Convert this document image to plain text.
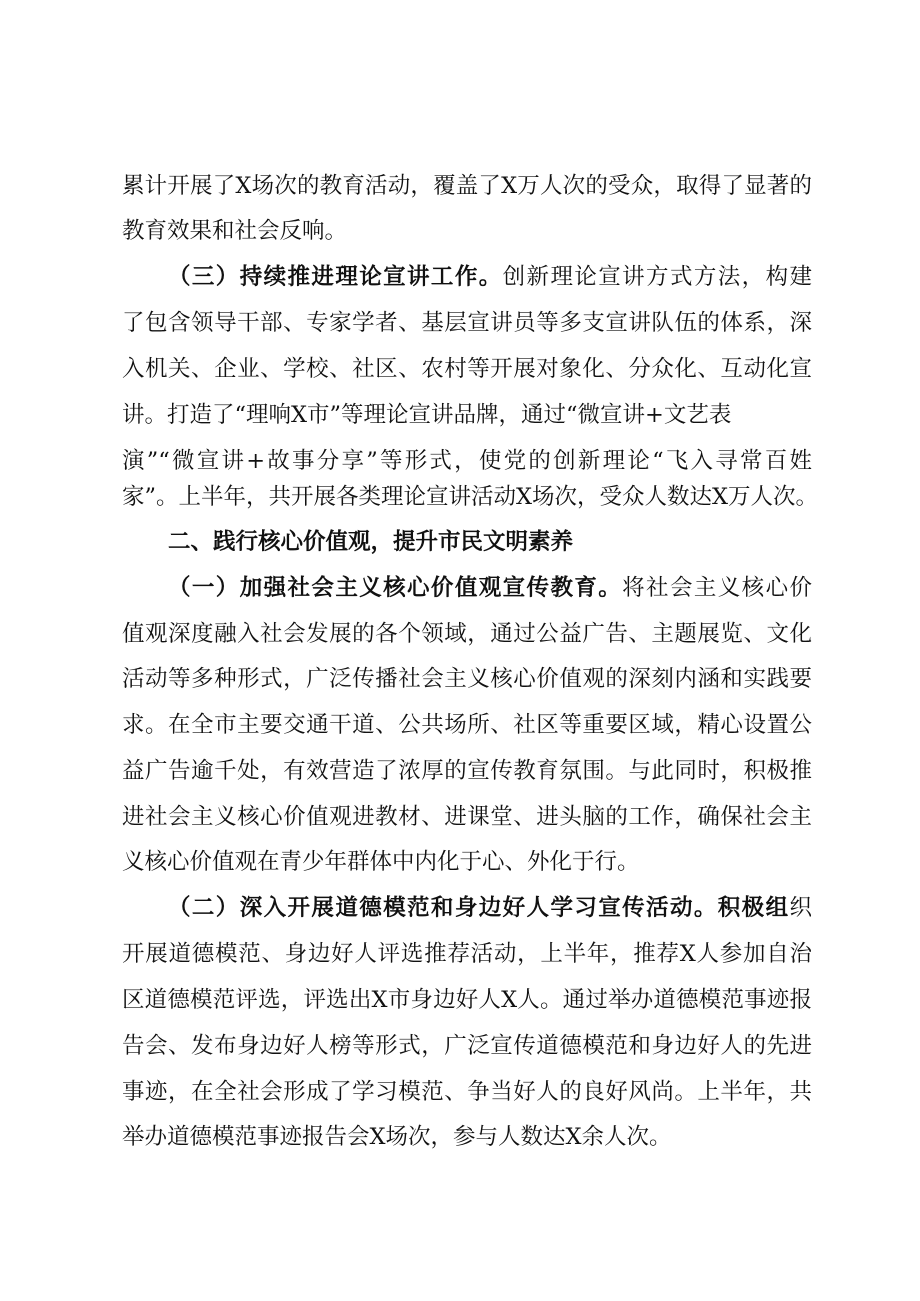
累计开展了X场次的教育活动，覆盖了X万人次的受众，取得了显著的
教育效果和社会反响。
（三）持续推进理论宣讲工作。创新理论宣讲方式方法，构建
了包含领导干部、专家学者、基层宣讲员等多支宣讲队伍的体系，深
入机关、企业、学校、社区、农村等开展对象化、分众化、互动化宣
讲。打造了“理响X市”等理论宣讲品牌，通过“微宣讲+文艺表
演”“微宣讲+故事分享”等形式，使党的创新理论“飞入寻常百姓
家”。上半年，共开展各类理论宣讲活动X场次，受众人数达X万人次。
二、践行核心价值观，提升市民文明素养
（一）加强社会主义核心价值观宣传教育。将社会主义核心价
值观深度融入社会发展的各个领域，通过公益广告、主题展览、文化
活动等多种形式，广泛传播社会主义核心价值观的深刻内涵和实践要
求。在全市主要交通干道、公共场所、社区等重要区域，精心设置公
益广告逾千处，有效营造了浓厚的宣传教育氛围。与此同时，积极推
进社会主义核心价值观进教材、进课堂、进头脑的工作，确保社会主
义核心价值观在青少年群体中内化于心、外化于行。
（二）深入开展道德模范和身边好人学习宣传活动。积极组织
开展道德模范、身边好人评选推荐活动，上半年，推荐X人参加自治
区道德模范评选，评选出X市身边好人X人。通过举办道德模范事迹报
告会、发布身边好人榜等形式，广泛宣传道德模范和身边好人的先进
事迹，在全社会形成了学习模范、争当好人的良好风尚。上半年，共
举办道德模范事迹报告会X场次，参与人数达X余人次。
